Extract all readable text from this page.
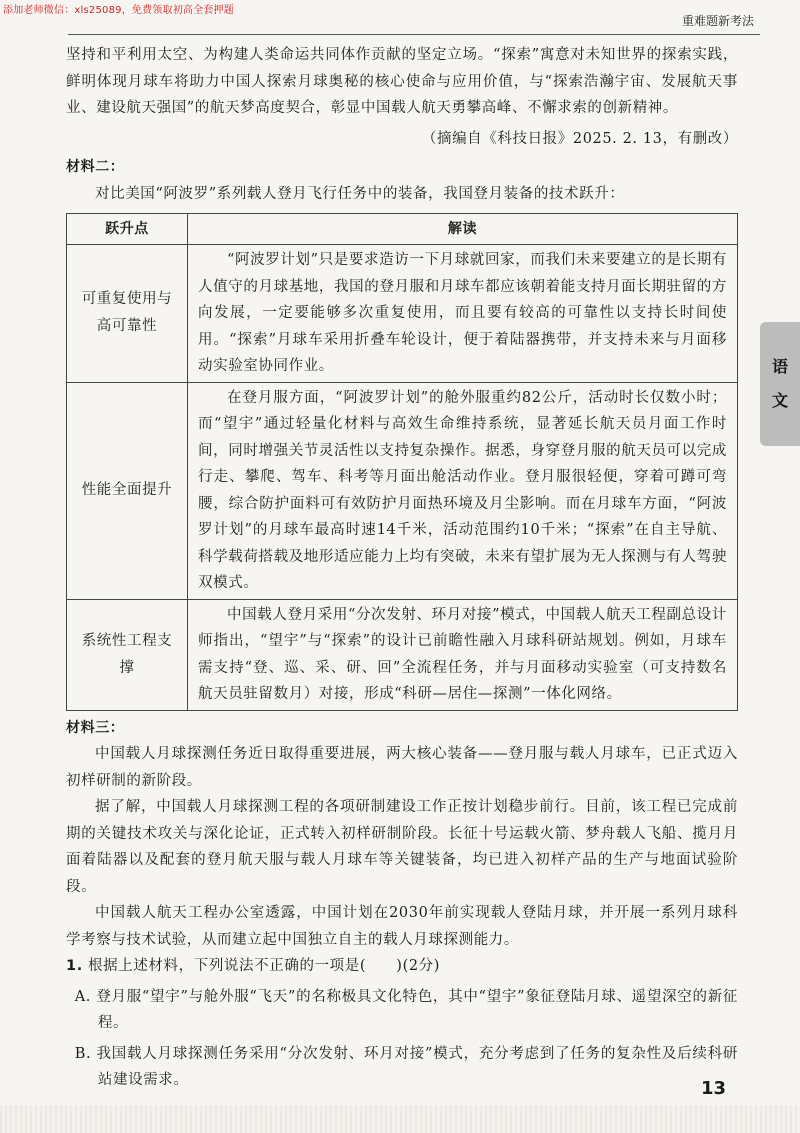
添加老师微信：xls25089，免费领取初高全套押题
重难题新考法
语
文

坚持和平利用太空、为构建人类命运共同体作贡献的坚定立场。“探索”寓意对未知世界的探索实践，鲜明体现月球车将助力中国人探索月球奥秘的核心使命与应用价值，与“探索浩瀚宇宙、发展航天事业、建设航天强国”的航天梦高度契合，彰显中国载人航天勇攀高峰、不懈求索的创新精神。

（摘编自《科技日报》2025. 2. 13，有删改）

材料二：

对比美国“阿波罗”系列载人登月飞行任务中的装备，我国登月装备的技术跃升：

跃升点	解读
可重复使用与高可靠性	“阿波罗计划”只是要求造访一下月球就回家，而我们未来要建立的是长期有人值守的月球基地，我国的登月服和月球车都应该朝着能支持月面长期驻留的方向发展，一定要能够多次重复使用，而且要有较高的可靠性以支持长时间使用。“探索”月球车采用折叠车轮设计，便于着陆器携带，并支持未来与月面移动实验室协同作业。
性能全面提升	在登月服方面，“阿波罗计划”的舱外服重约82公斤，活动时长仅数小时；而“望宇”通过轻量化材料与高效生命维持系统，显著延长航天员月面工作时间，同时增强关节灵活性以支持复杂操作。据悉，身穿登月服的航天员可以完成行走、攀爬、驾车、科考等月面出舱活动作业。登月服很轻便，穿着可蹲可弯腰，综合防护面料可有效防护月面热环境及月尘影响。而在月球车方面，“阿波罗计划”的月球车最高时速14千米，活动范围约10千米；“探索”在自主导航、科学载荷搭载及地形适应能力上均有突破，未来有望扩展为无人探测与有人驾驶双模式。
系统性工程支撑	中国载人登月采用“分次发射、环月对接”模式，中国载人航天工程副总设计师指出，“望宇”与“探索”的设计已前瞻性融入月球科研站规划。例如，月球车需支持“登、巡、采、研、回”全流程任务，并与月面移动实验室（可支持数名航天员驻留数月）对接，形成“科研—居住—探测”一体化网络。
材料三：

中国载人月球探测任务近日取得重要进展，两大核心装备——登月服与载人月球车，已正式迈入初样研制的新阶段。

据了解，中国载人月球探测工程的各项研制建设工作正按计划稳步前行。目前，该工程已完成前期的关键技术攻关与深化论证，正式转入初样研制阶段。长征十号运载火箭、梦舟载人飞船、揽月月面着陆器以及配套的登月航天服与载人月球车等关键装备，均已进入初样产品的生产与地面试验阶段。

中国载人航天工程办公室透露，中国计划在2030年前实现载人登陆月球，并开展一系列月球科学考察与技术试验，从而建立起中国独立自主的载人月球探测能力。

1. 根据上述材料，下列说法不正确的一项是(　　)(2分)

A. 登月服“望宇”与舱外服“飞天”的名称极具文化特色，其中“望宇”象征登陆月球、遥望深空的新征程。

B. 我国载人月球探测任务采用“分次发射、环月对接”模式，充分考虑到了任务的复杂性及后续科研站建设需求。	13
